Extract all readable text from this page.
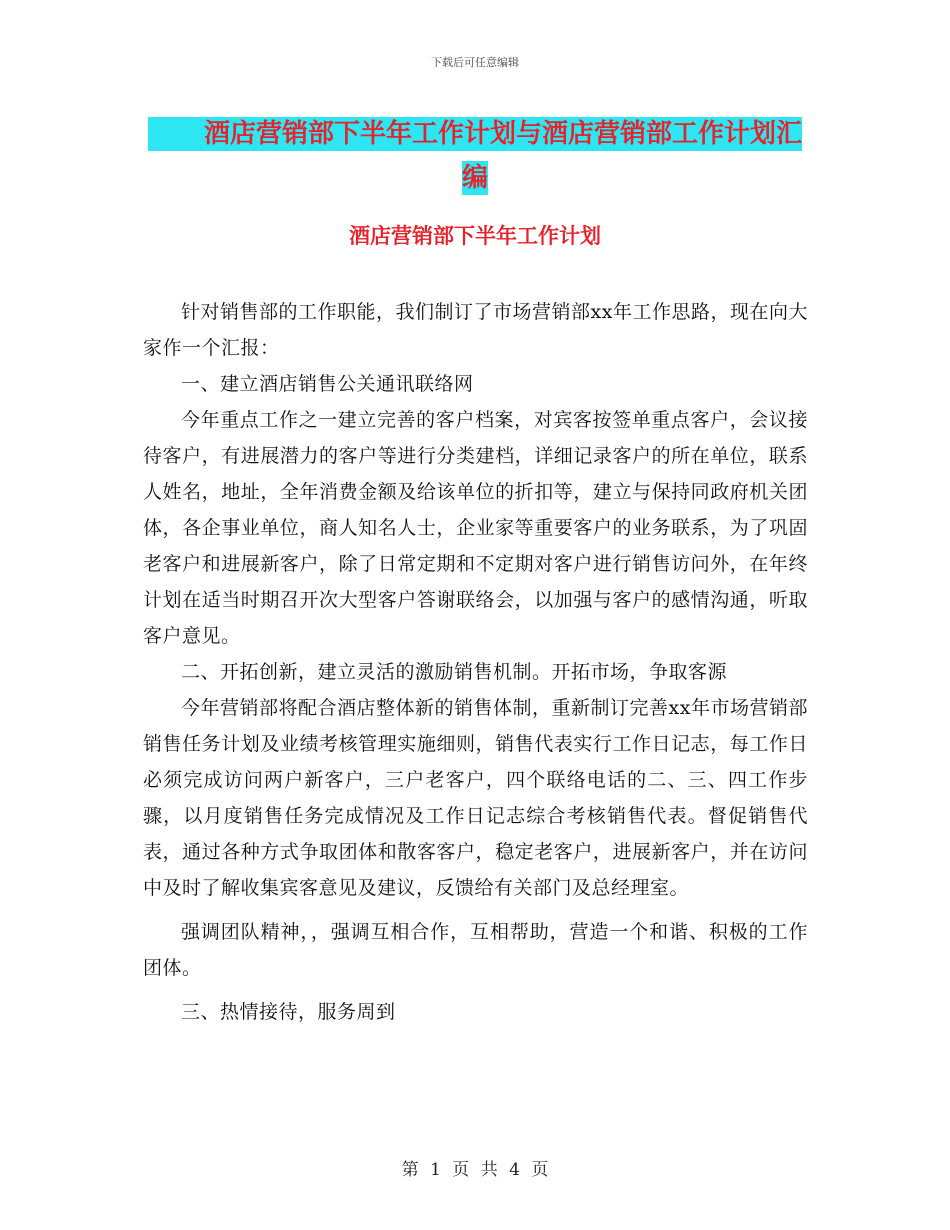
下载后可任意编辑
酒店营销部下半年工作计划与酒店营销部工作计划汇
编
酒店营销部下半年工作计划

针对销售部的工作职能，我们制订了市场营销部xx年工作思路，现在向大家作一个汇报：

一、建立酒店销售公关通讯联络网

今年重点工作之一建立完善的客户档案，对宾客按签单重点客户，会议接待客户，有进展潜力的客户等进行分类建档，详细记录客户的所在单位，联系人姓名，地址，全年消费金额及给该单位的折扣等，建立与保持同政府机关团体，各企事业单位，商人知名人士，企业家等重要客户的业务联系，为了巩固老客户和进展新客户，除了日常定期和不定期对客户进行销售访问外，在年终计划在适当时期召开次大型客户答谢联络会，以加强与客户的感情沟通，听取客户意见。

二、开拓创新，建立灵活的激励销售机制。开拓市场，争取客源

今年营销部将配合酒店整体新的销售体制，重新制订完善xx年市场营销部销售任务计划及业绩考核管理实施细则，销售代表实行工作日记志，每工作日必须完成访问两户新客户，三户老客户，四个联络电话的二、三、四工作步骤，以月度销售任务完成情况及工作日记志综合考核销售代表。督促销售代表，通过各种方式争取团体和散客客户，稳定老客户，进展新客户，并在访问中及时了解收集宾客意见及建议，反馈给有关部门及总经理室。

强调团队精神，，强调互相合作，互相帮助，营造一个和谐、积极的工作团体。

三、热情接待，服务周到

第 1 页 共 4 页
